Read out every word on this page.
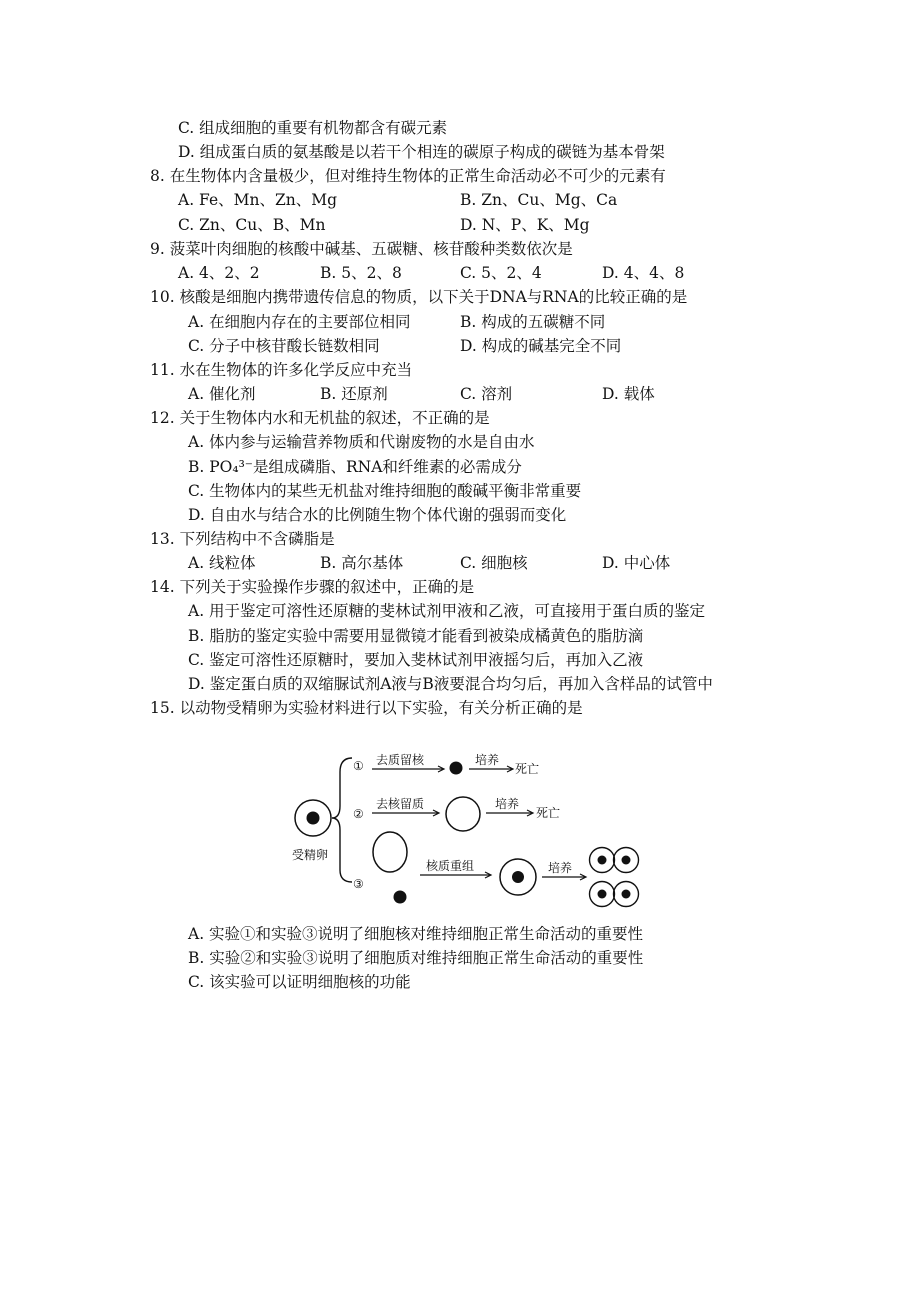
C. 组成细胞的重要有机物都含有碳元素
D. 组成蛋白质的氨基酸是以若干个相连的碳原子构成的碳链为基本骨架
8. 在生物体内含量极少，但对维持生物体的正常生命活动必不可少的元素有
A. Fe、Mn、Zn、Mg	B. Zn、Cu、Mg、Ca
C. Zn、Cu、B、Mn	D. N、P、K、Mg
9. 菠菜叶肉细胞的核酸中碱基、五碳糖、核苷酸种类数依次是
A. 4、2、2	B. 5、2、8	C. 5、2、4	D. 4、4、8
10. 核酸是细胞内携带遗传信息的物质，以下关于DNA与RNA的比较正确的是
A. 在细胞内存在的主要部位相同	B. 构成的五碳糖不同
C. 分子中核苷酸长链数相同	D. 构成的碱基完全不同
11. 水在生物体的许多化学反应中充当
A. 催化剂	B. 还原剂	C. 溶剂	D. 载体
12. 关于生物体内水和无机盐的叙述，不正确的是
A. 体内参与运输营养物质和代谢废物的水是自由水
B. PO₄³⁻是组成磷脂、RNA和纤维素的必需成分
C. 生物体内的某些无机盐对维持细胞的酸碱平衡非常重要
D. 自由水与结合水的比例随生物个体代谢的强弱而变化
13. 下列结构中不含磷脂是
A. 线粒体	B. 高尔基体	C. 细胞核	D. 中心体
14. 下列关于实验操作步骤的叙述中，正确的是
A. 用于鉴定可溶性还原糖的斐林试剂甲液和乙液，可直接用于蛋白质的鉴定
B. 脂肪的鉴定实验中需要用显微镜才能看到被染成橘黄色的脂肪滴
C. 鉴定可溶性还原糖时，要加入斐林试剂甲液摇匀后，再加入乙液
D. 鉴定蛋白质的双缩脲试剂A液与B液要混合均匀后，再加入含样品的试管中
15. 以动物受精卵为实验材料进行以下实验，有关分析正确的是
受精卵
① 去质留核	培养
死亡
②
去核留质	培养
死亡
③
核质重组	培养
A. 实验①和实验③说明了细胞核对维持细胞正常生命活动的重要性
B. 实验②和实验③说明了细胞质对维持细胞正常生命活动的重要性
C. 该实验可以证明细胞核的功能
